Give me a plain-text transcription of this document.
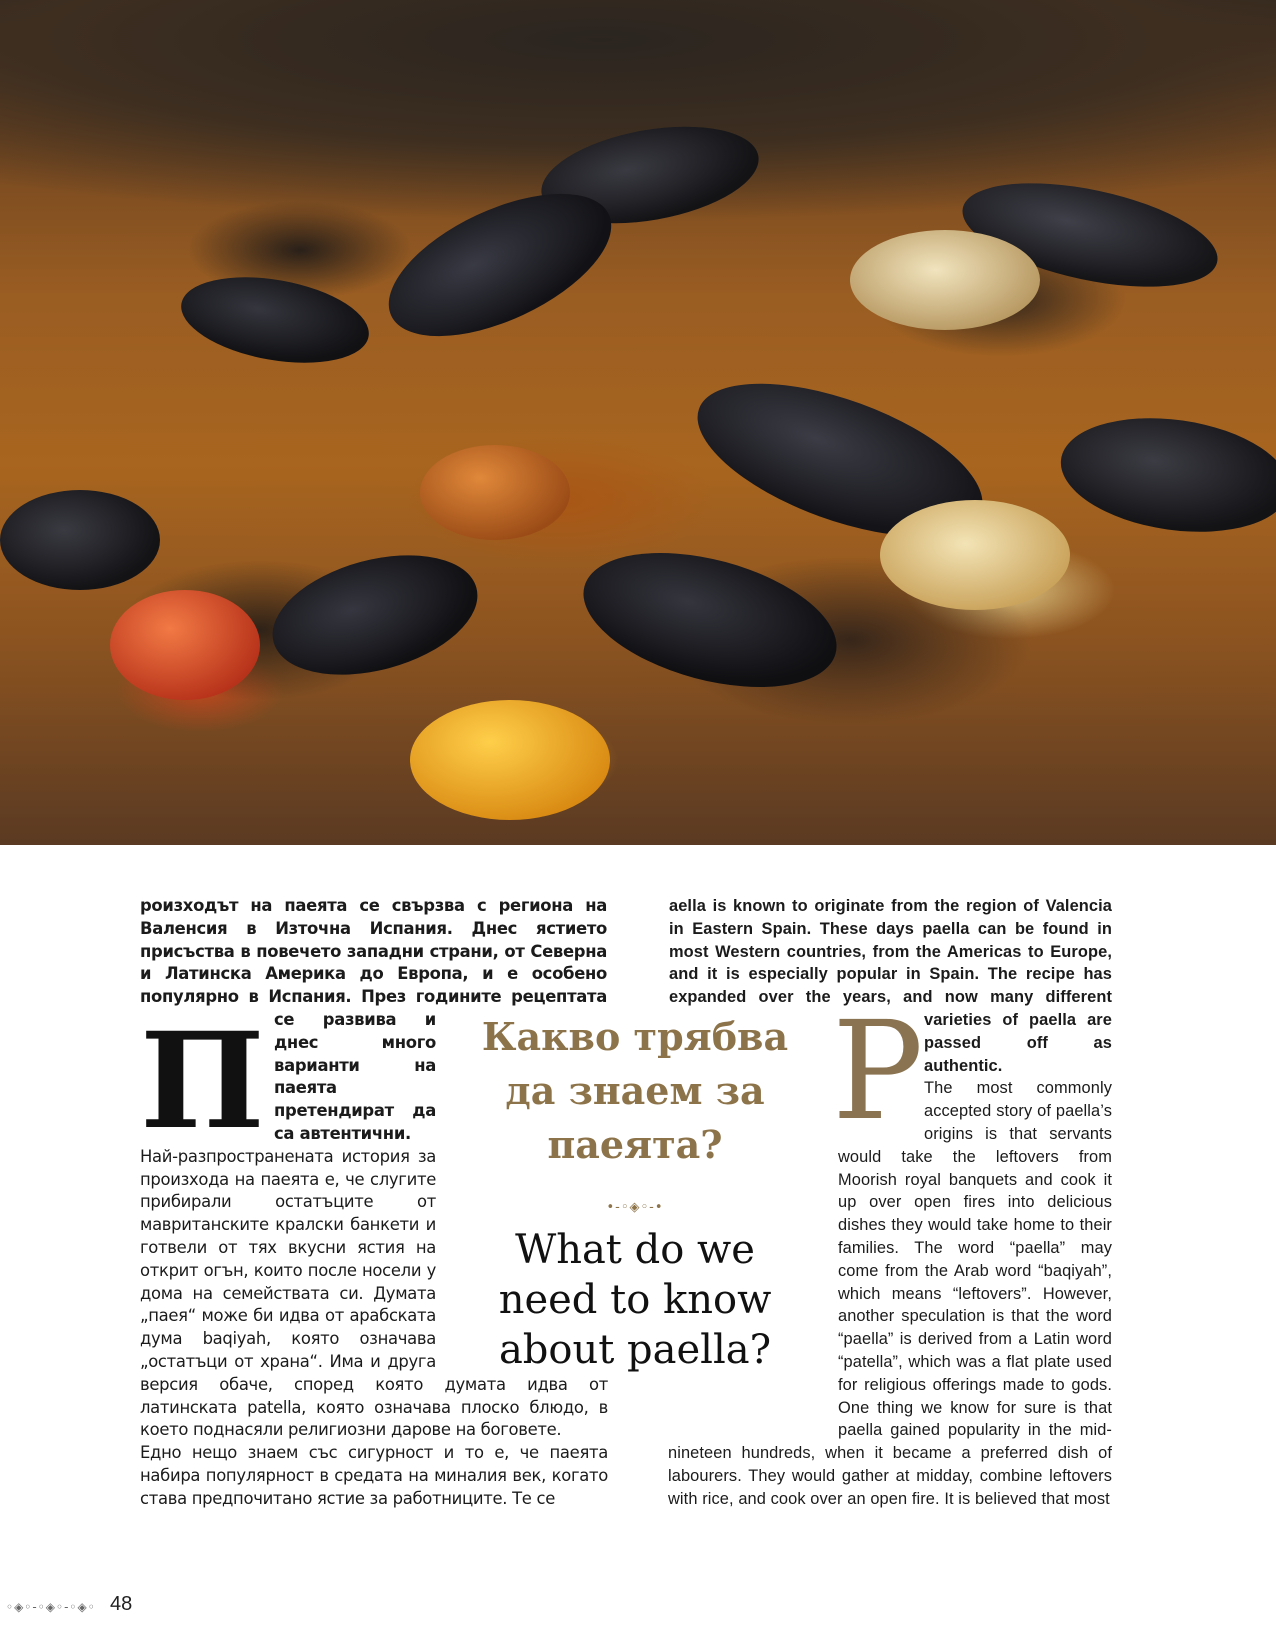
П
роизходът на паеята се свързва с региона на Валенсия в Източна Испания. Днес ястието присъства в повечето западни страни, от Северна и Латинска Америка до Европа, и е особено популярно в Испания. През годините рецептата се развива и днес много варианти на паеята претендират да са автентични.

Най-разпространената история за произхода на паеята е, че слугите прибирали остатъците от мавританските кралски банкети и готвели от тях вкусни ястия на открит огън, които после носели у дома на семействата си. Думата „паея“ може би идва от арабската дума baqiyah, която означава „остатъци от храна“. Има и друга версия обаче, според която думата идва от латинската patella, която означава плоско блюдо, в което поднасяли религиозни дарове на боговете.

Едно нещо знаем със сигурност и то е, че паеята набира популярност в средата на миналия век, когато става предпочитано ястие за работниците. Те се

P
aella is known to originate from the region of Valencia in Eastern Spain. These days paella can be found in most Western countries, from the Americas to Europe, and it is especially popular in Spain. The recipe has expanded over the years, and now many different varieties of paella are passed off as authentic.

The most commonly accepted story of paella’s origins is that servants would take the leftovers from Moorish royal banquets and cook it up over open fires into delicious dishes they would take home to their families. The word “paella” may come from the Arab word “baqiyah”, which means “leftovers”. However, another speculation is that the word “paella” is derived from a Latin word “patella”, which was a flat plate used for religious offerings made to gods. One thing we know for sure is that paella gained popularity in the mid-nineteen hundreds, when it became a preferred dish of labourers. They would gather at midday, combine leftovers with rice, and cook over an open fire. It is believed that most

Какво трябва да знаем за паеята?
•-◦◈◦-•
What do we need to know about paella?
◦◈◦-◦◈◦-◦◈◦ 48
